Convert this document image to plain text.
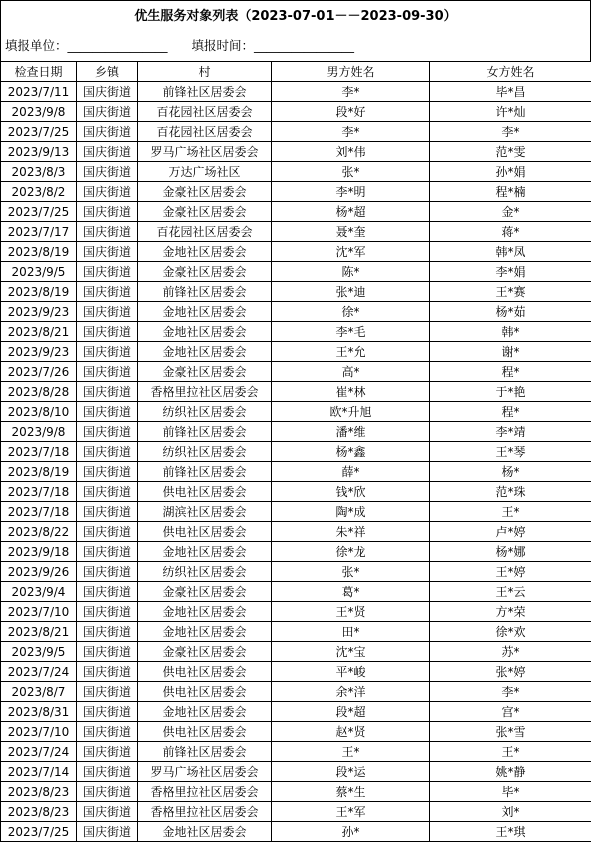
优生服务对象列表（2023-07-01－－2023-09-30）
填报单位：________________ 填报时间：________________
检查日期	乡镇	村	男方姓名	女方姓名
2023/7/11	国庆街道	前锋社区居委会	李*	毕*昌
2023/9/8	国庆街道	百花园社区居委会	段*好	许*灿
2023/7/25	国庆街道	百花园社区居委会	李*	李*
2023/9/13	国庆街道	罗马广场社区居委会	刘*伟	范*雯
2023/8/3	国庆街道	万达广场社区	张*	孙*娟
2023/8/2	国庆街道	金豪社区居委会	李*明	程*楠
2023/7/25	国庆街道	金豪社区居委会	杨*超	金*
2023/7/17	国庆街道	百花园社区居委会	聂*奎	蒋*
2023/8/19	国庆街道	金地社区居委会	沈*军	韩*凤
2023/9/5	国庆街道	金豪社区居委会	陈*	李*娟
2023/8/19	国庆街道	前锋社区居委会	张*迪	王*赛
2023/9/23	国庆街道	金地社区居委会	徐*	杨*茹
2023/8/21	国庆街道	金地社区居委会	李*毛	韩*
2023/9/23	国庆街道	金地社区居委会	王*允	谢*
2023/7/26	国庆街道	金豪社区居委会	高*	程*
2023/8/28	国庆街道	香格里拉社区居委会	崔*林	于*艳
2023/8/10	国庆街道	纺织社区居委会	欧*升旭	程*
2023/9/8	国庆街道	前锋社区居委会	潘*维	李*靖
2023/7/18	国庆街道	纺织社区居委会	杨*鑫	王*琴
2023/8/19	国庆街道	前锋社区居委会	薛*	杨*
2023/7/18	国庆街道	供电社区居委会	钱*欣	范*珠
2023/7/18	国庆街道	湖滨社区居委会	陶*成	王*
2023/8/22	国庆街道	供电社区居委会	朱*祥	卢*婷
2023/9/18	国庆街道	金地社区居委会	徐*龙	杨*娜
2023/9/26	国庆街道	纺织社区居委会	张*	王*婷
2023/9/4	国庆街道	金豪社区居委会	葛*	王*云
2023/7/10	国庆街道	金地社区居委会	王*贤	方*荣
2023/8/21	国庆街道	金地社区居委会	田*	徐*欢
2023/9/5	国庆街道	金豪社区居委会	沈*宝	苏*
2023/7/24	国庆街道	供电社区居委会	平*峻	张*婷
2023/8/7	国庆街道	供电社区居委会	余*洋	李*
2023/8/31	国庆街道	金地社区居委会	段*超	宫*
2023/7/10	国庆街道	供电社区居委会	赵*贤	张*雪
2023/7/24	国庆街道	前锋社区居委会	王*	王*
2023/7/14	国庆街道	罗马广场社区居委会	段*运	姚*静
2023/8/23	国庆街道	香格里拉社区居委会	蔡*生	毕*
2023/8/23	国庆街道	香格里拉社区居委会	王*军	刘*
2023/7/25	国庆街道	金地社区居委会	孙*	王*琪
